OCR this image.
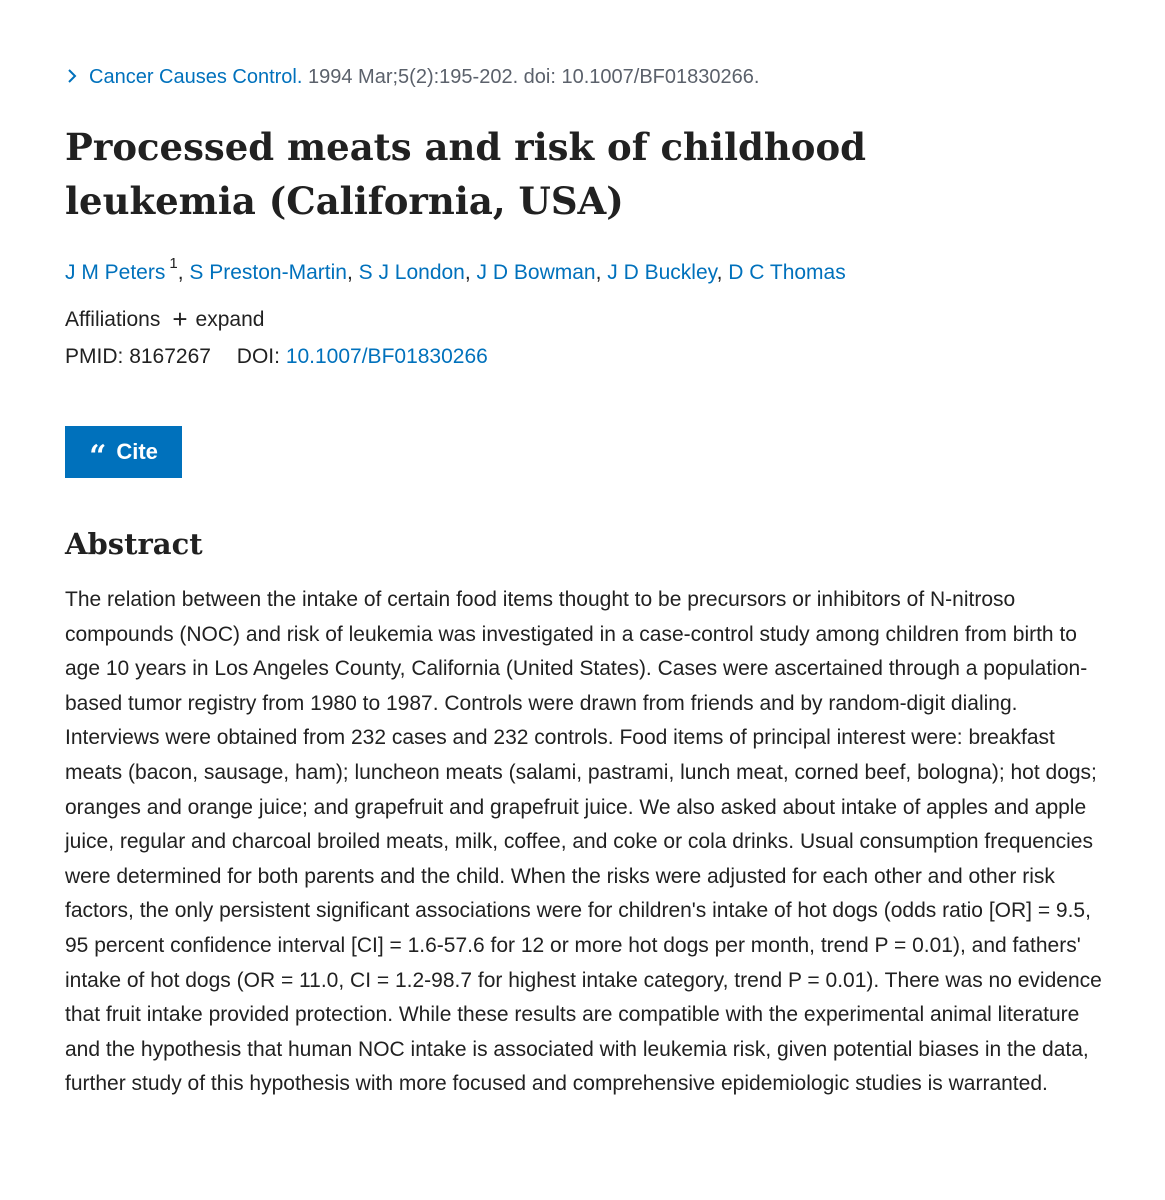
Cancer Causes Control. 1994 Mar;5(2):195-202. doi: 10.1007/BF01830266.
Processed meats and risk of childhood leukemia (California, USA)
J M Peters $^1$, S Preston-Martin, S J London, J D Bowman, J D Buckley, D C Thomas
Affiliations + expand
PMID: 8167267 DOI: 10.1007/BF01830266
“ Cite
Abstract

The relation between the intake of certain food items thought to be precursors or inhibitors of N-nitroso compounds (NOC) and risk of leukemia was investigated in a case-control study among children from birth to age 10 years in Los Angeles County, California (United States). Cases were ascertained through a population-based tumor registry from 1980 to 1987. Controls were drawn from friends and by random-digit dialing. Interviews were obtained from 232 cases and 232 controls. Food items of principal interest were: breakfast meats (bacon, sausage, ham); luncheon meats (salami, pastrami, lunch meat, corned beef, bologna); hot dogs; oranges and orange juice; and grapefruit and grapefruit juice. We also asked about intake of apples and apple juice, regular and charcoal broiled meats, milk, coffee, and coke or cola drinks. Usual consumption frequencies were determined for both parents and the child. When the risks were adjusted for each other and other risk factors, the only persistent significant associations were for children's intake of hot dogs (odds ratio [OR] = 9.5, 95 percent confidence interval [CI] = 1.6-57.6 for 12 or more hot dogs per month, trend P = 0.01), and fathers' intake of hot dogs (OR = 11.0, CI = 1.2-98.7 for highest intake category, trend P = 0.01). There was no evidence that fruit intake provided protection. While these results are compatible with the experimental animal literature and the hypothesis that human NOC intake is associated with leukemia risk, given potential biases in the data, further study of this hypothesis with more focused and comprehensive epidemiologic studies is warranted.
